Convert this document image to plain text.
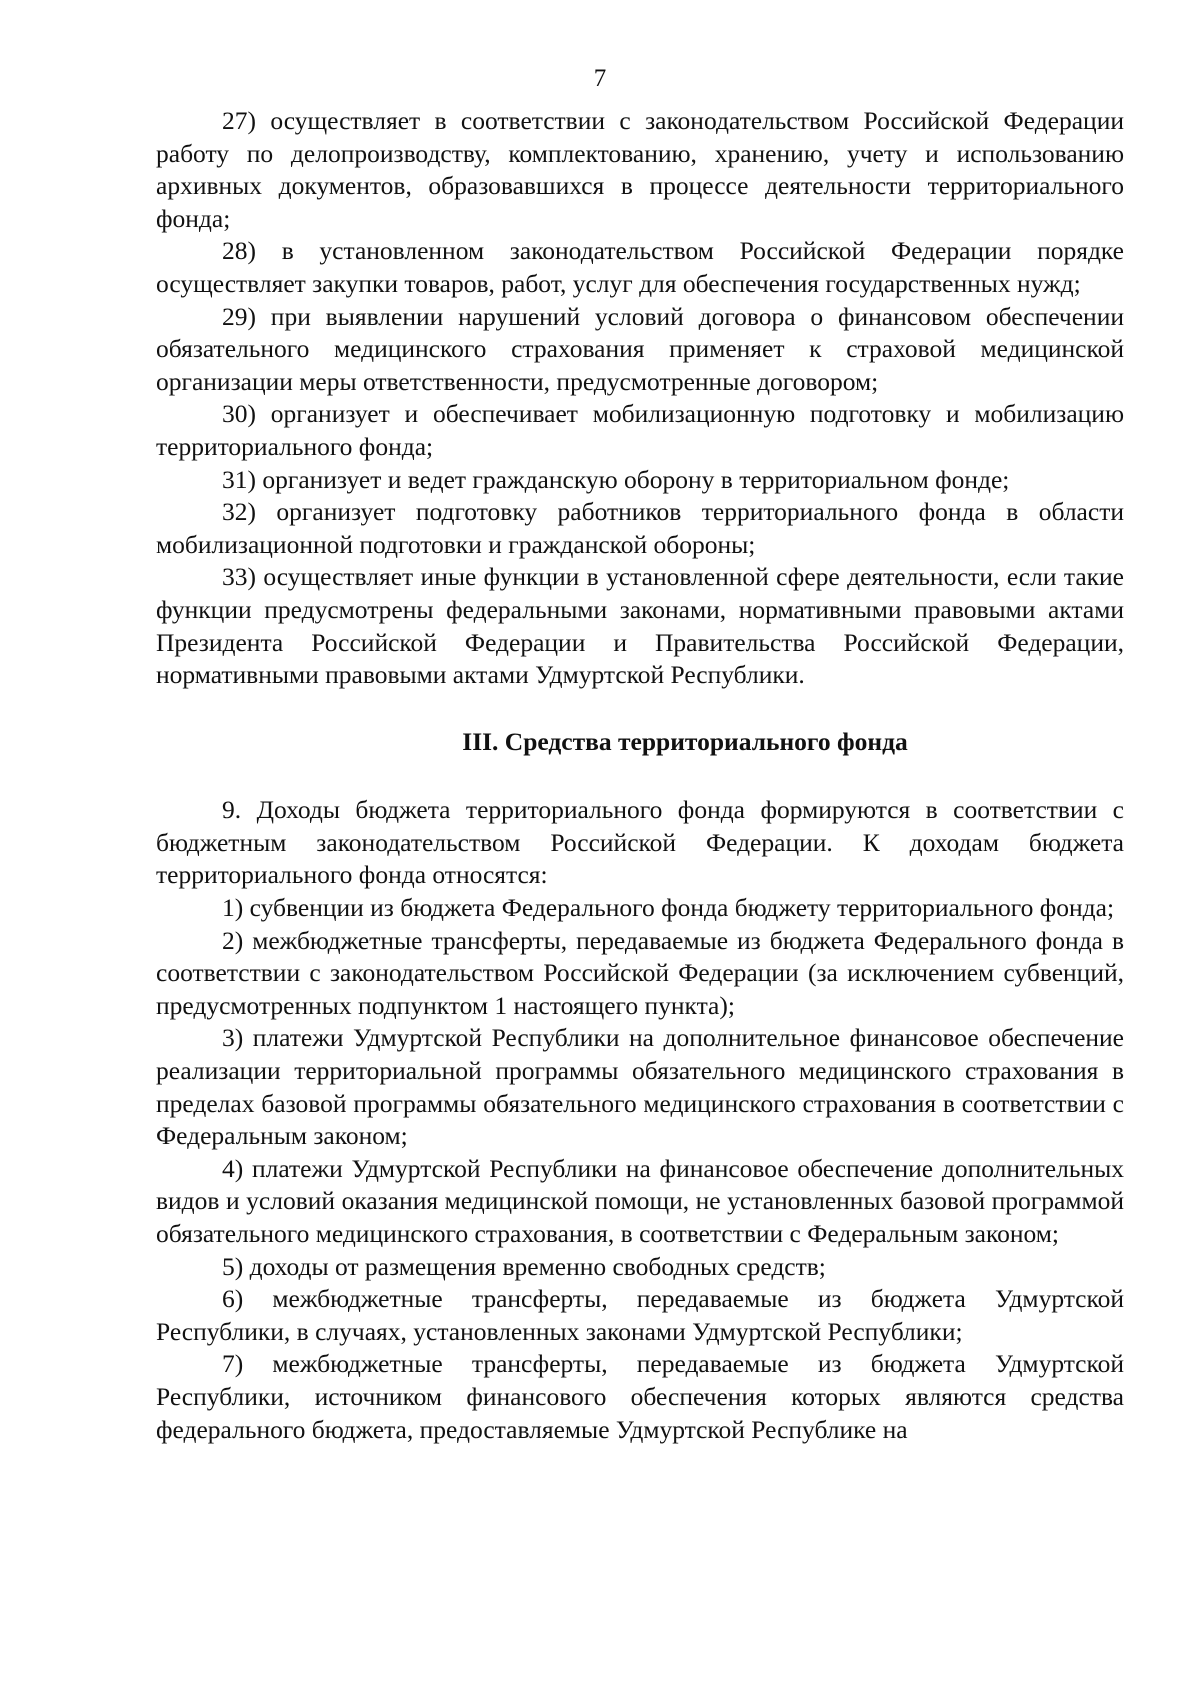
7

27) осуществляет в соответствии с законодательством Российской Федерации работу по делопроизводству, комплектованию, хранению, учету и использованию архивных документов, образовавшихся в процессе деятельности территориального фонда;

28) в установленном законодательством Российской Федерации порядке осуществляет закупки товаров, работ, услуг для обеспечения государственных нужд;

29) при выявлении нарушений условий договора о финансовом обеспечении обязательного медицинского страхования применяет к страховой медицинской организации меры ответственности, предусмотренные договором;

30) организует и обеспечивает мобилизационную подготовку и мобилизацию территориального фонда;

31) организует и ведет гражданскую оборону в территориальном фонде;

32) организует подготовку работников территориального фонда в области мобилизационной подготовки и гражданской обороны;

33) осуществляет иные функции в установленной сфере деятельности, если такие функции предусмотрены федеральными законами, нормативными правовыми актами Президента Российской Федерации и Правительства Российской Федерации, нормативными правовыми актами Удмуртской Республики.

III. Средства территориального фонда

9. Доходы бюджета территориального фонда формируются в соответствии с бюджетным законодательством Российской Федерации. К доходам бюджета территориального фонда относятся:

1) субвенции из бюджета Федерального фонда бюджету территориального фонда;

2) межбюджетные трансферты, передаваемые из бюджета Федерального фонда в соответствии с законодательством Российской Федерации (за исключением субвенций, предусмотренных подпунктом 1 настоящего пункта);

3) платежи Удмуртской Республики на дополнительное финансовое обеспечение реализации территориальной программы обязательного медицинского страхования в пределах базовой программы обязательного медицинского страхования в соответствии с Федеральным законом;

4) платежи Удмуртской Республики на финансовое обеспечение дополнительных видов и условий оказания медицинской помощи, не установленных базовой программой обязательного медицинского страхования, в соответствии с Федеральным законом;

5) доходы от размещения временно свободных средств;

6) межбюджетные трансферты, передаваемые из бюджета Удмуртской Республики, в случаях, установленных законами Удмуртской Республики;

7) межбюджетные трансферты, передаваемые из бюджета Удмуртской Республики, источником финансового обеспечения которых являются средства федерального бюджета, предоставляемые Удмуртской Республике на
